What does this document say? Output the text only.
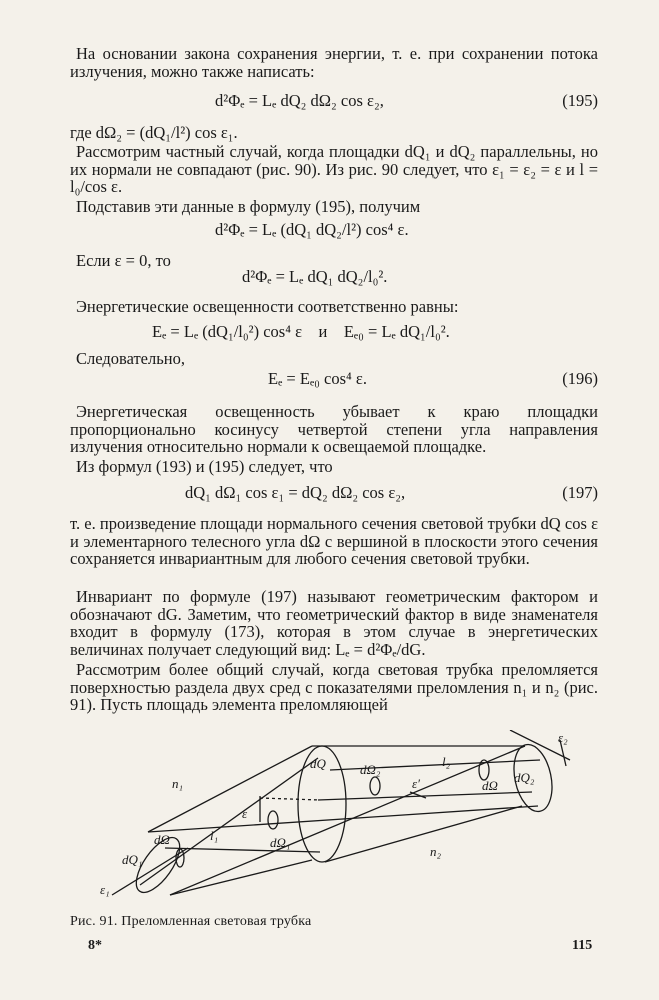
На основании закона сохранения энергии, т. е. при сохранении потока излучения, можно также написать:
d²Φₑ = Lₑ dQ₂ dΩ₂ cos ε₂,	(195)
где dΩ₂ = (dQ₁/l²) cos ε₁.
Рассмотрим частный случай, когда площадки dQ₁ и dQ₂ параллельны, но их нормали не совпадают (рис. 90). Из рис. 90 следует, что ε₁ = ε₂ = ε и l = l₀/cos ε.
Подставив эти данные в формулу (195), получим
d²Φₑ = Lₑ (dQ₁ dQ₂/l²) cos⁴ ε.
Если ε = 0, то
d²Φₑ = Lₑ dQ₁ dQ₂/l₀².
Энергетические освещенности соответственно равны:
Eₑ = Lₑ (dQ₁/l₀²) cos⁴ ε    и    Eₑ₀ = Lₑ dQ₁/l₀².
Следовательно,
Eₑ = Eₑ₀ cos⁴ ε.	(196)
Энергетическая освещенность убывает к краю площадки пропорционально косинусу четвертой степени угла направления излучения относительно нормали к освещаемой площадке.
Из формул (193) и (195) следует, что
dQ₁ dΩ₁ cos ε₁ = dQ₂ dΩ₂ cos ε₂,	(197)
т. е. произведение площади нормального сечения световой трубки dQ cos ε и элементарного телесного угла dΩ с вершиной в плоскости этого сечения сохраняется инвариантным для любого сечения световой трубки.
Инвариант по формуле (197) называют геометрическим фактором и обозначают dG. Заметим, что геометрический фактор в виде знаменателя входит в формулу (173), которая в этом случае в энергетических величинах получает следующий вид: Lₑ = d²Φₑ/dG.
Рассмотрим более общий случай, когда световая трубка преломляется поверхностью раздела двух сред с показателями преломления n₁ и n₂ (рис. 91). Пусть площадь элемента преломляющей
n₁
n₂
dQ₁
dQ
dQ₂
dΩ	dΩ₁
dΩ₂
dΩ
ε
ε′
ε₁
ε₂
l₁
l₂
Рис. 91. Преломленная световая трубка
8*	115
